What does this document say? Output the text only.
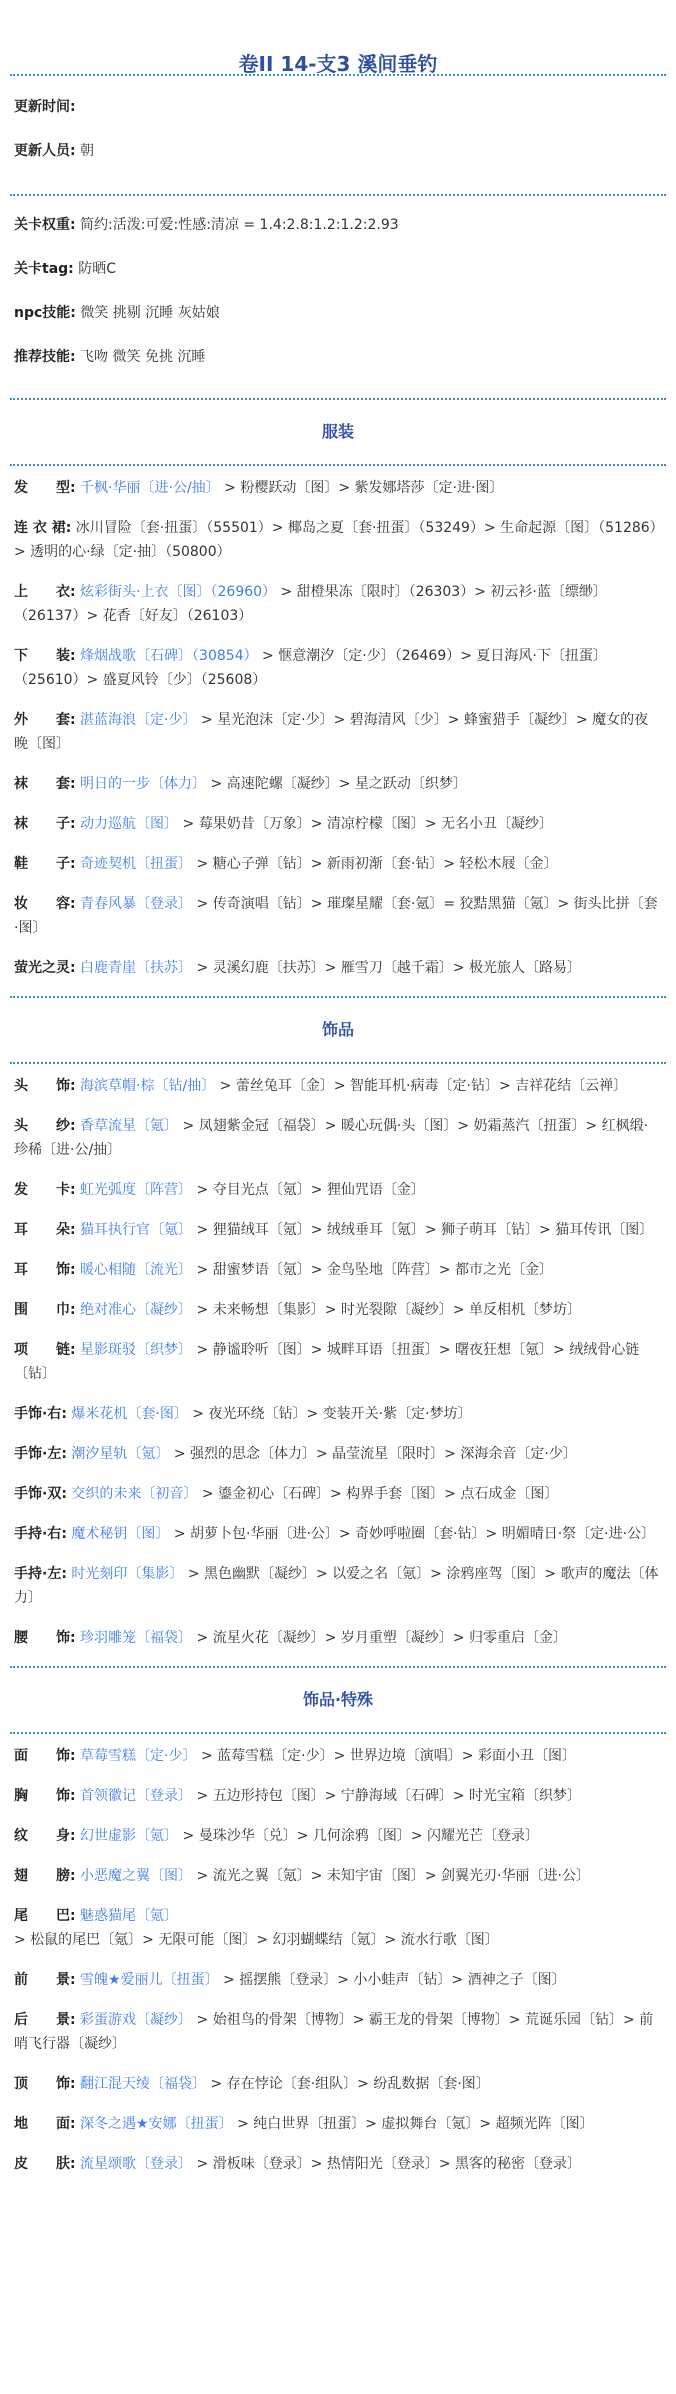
卷II 14-支3 溪间垂钓
更新时间:
更新人员: 朝
关卡权重: 简约:活泼:可爱:性感:清凉 = 1.4:2.8:1.2:1.2:2.93
关卡tag: 防晒C
npc技能: 微笑 挑剔 沉睡 灰姑娘
推荐技能: 飞吻 微笑 免挑 沉睡
服装
发　　型: 千枫·华丽〔进·公/抽〕 > 粉樱跃动〔图〕> 紫发娜塔莎〔定·进·图〕
连 衣 裙: 冰川冒险〔套·扭蛋〕（55501）> 椰岛之夏〔套·扭蛋〕（53249）> 生命起源〔图〕（51286）> 透明的心·绿〔定·抽〕（50800）
上　　衣: 炫彩街头·上衣〔图〕（26960） > 甜橙果冻〔限时〕（26303）> 初云衫·蓝〔缥缈〕（26137）> 花香〔好友〕（26103）
下　　装: 烽烟战歌〔石碑〕（30854） > 惬意潮汐〔定·少〕（26469）> 夏日海风·下〔扭蛋〕（25610）> 盛夏风铃〔少〕（25608）
外　　套: 湛蓝海浪〔定·少〕 > 星光泡沫〔定·少〕> 碧海清风〔少〕> 蜂蜜猎手〔凝纱〕> 魔女的夜晚〔图〕
袜　　套: 明日的一步〔体力〕 > 高速陀螺〔凝纱〕> 星之跃动〔织梦〕
袜　　子: 动力巡航〔图〕 > 莓果奶昔〔万象〕> 清凉柠檬〔图〕> 无名小丑〔凝纱〕
鞋　　子: 奇迹契机〔扭蛋〕 > 糖心子弹〔钻〕> 新雨初渐〔套·钻〕> 轻松木屐〔金〕
妆　　容: 青春风暴〔登录〕 > 传奇演唱〔钻〕> 璀璨星耀〔套·氪〕= 狡黠黑猫〔氪〕> 街头比拼〔套·图〕
萤光之灵: 白鹿青崖〔扶苏〕 > 灵溪幻鹿〔扶苏〕> 雁雪刀〔越千霜〕> 极光旅人〔路易〕
饰品
头　　饰: 海滨草帽·棕〔钻/抽〕 > 蕾丝兔耳〔金〕> 智能耳机·病毒〔定·钻〕> 吉祥花结〔云禅〕
头　　纱: 香草流星〔氪〕 > 凤翅紫金冠〔福袋〕> 暖心玩偶·头〔图〕> 奶霜蒸汽〔扭蛋〕> 红枫缎·珍稀〔进·公/抽〕
发　　卡: 虹光弧度〔阵营〕 > 夺目光点〔氪〕> 狸仙咒语〔金〕
耳　　朵: 猫耳执行官〔氪〕 > 狸猫绒耳〔氪〕> 绒绒垂耳〔氪〕> 狮子萌耳〔钻〕> 猫耳传讯〔图〕
耳　　饰: 暖心相随〔流光〕 > 甜蜜梦语〔氪〕> 金鸟坠地〔阵营〕> 都市之光〔金〕
围　　巾: 绝对准心〔凝纱〕 > 未来畅想〔集影〕> 时光裂隙〔凝纱〕> 单反相机〔梦坊〕
项　　链: 星影斑驳〔织梦〕 > 静谧聆听〔图〕> 城畔耳语〔扭蛋〕> 曙夜狂想〔氪〕> 绒绒骨心链〔钻〕
手饰·右: 爆米花机〔套·图〕 > 夜光环绕〔钻〕> 变装开关·紫〔定·梦坊〕
手饰·左: 潮汐星轨〔氪〕 > 强烈的思念〔体力〕> 晶莹流星〔限时〕> 深海余音〔定·少〕
手饰·双: 交织的未来〔初音〕 > 鎏金初心〔石碑〕> 构界手套〔图〕> 点石成金〔图〕
手持·右: 魔术秘钥〔图〕 > 胡萝卜包·华丽〔进·公〕> 奇妙呼啦圈〔套·钻〕> 明媚晴日·祭〔定·进·公〕
手持·左: 时光刻印〔集影〕 > 黑色幽默〔凝纱〕> 以爱之名〔氪〕> 涂鸦座驾〔图〕> 歌声的魔法〔体力〕
腰　　饰: 珍羽雕笼〔福袋〕 > 流星火花〔凝纱〕> 岁月重塑〔凝纱〕> 归零重启〔金〕
饰品·特殊
面　　饰: 草莓雪糕〔定·少〕 > 蓝莓雪糕〔定·少〕> 世界边境〔演唱〕> 彩面小丑〔图〕
胸　　饰: 首领徽记〔登录〕 > 五边形持包〔图〕> 宁静海域〔石碑〕> 时光宝箱〔织梦〕
纹　　身: 幻世虚影〔氪〕 > 曼珠沙华〔兑〕> 几何涂鸦〔图〕> 闪耀光芒〔登录〕
翅　　膀: 小恶魔之翼〔图〕 > 流光之翼〔氪〕> 未知宇宙〔图〕> 剑翼光刃·华丽〔进·公〕
尾　　巴: 魅惑猫尾〔氪〕 > 松鼠的尾巴〔氪〕> 无限可能〔图〕> 幻羽蝴蝶结〔氪〕> 流水行歌〔图〕
前　　景: 雪魄★爱丽儿〔扭蛋〕 > 摇摆熊〔登录〕> 小小蛙声〔钻〕> 酒神之子〔图〕
后　　景: 彩蛋游戏〔凝纱〕 > 始祖鸟的骨架〔博物〕> 霸王龙的骨架〔博物〕> 荒诞乐园〔钻〕> 前哨飞行器〔凝纱〕
顶　　饰: 翻江混天绫〔福袋〕 > 存在悖论〔套·组队〕> 纷乱数据〔套·图〕
地　　面: 深冬之遇★安娜〔扭蛋〕 > 纯白世界〔扭蛋〕> 虚拟舞台〔氪〕> 超频光阵〔图〕
皮　　肤: 流星颂歌〔登录〕 > 滑板味〔登录〕> 热情阳光〔登录〕> 黑客的秘密〔登录〕
